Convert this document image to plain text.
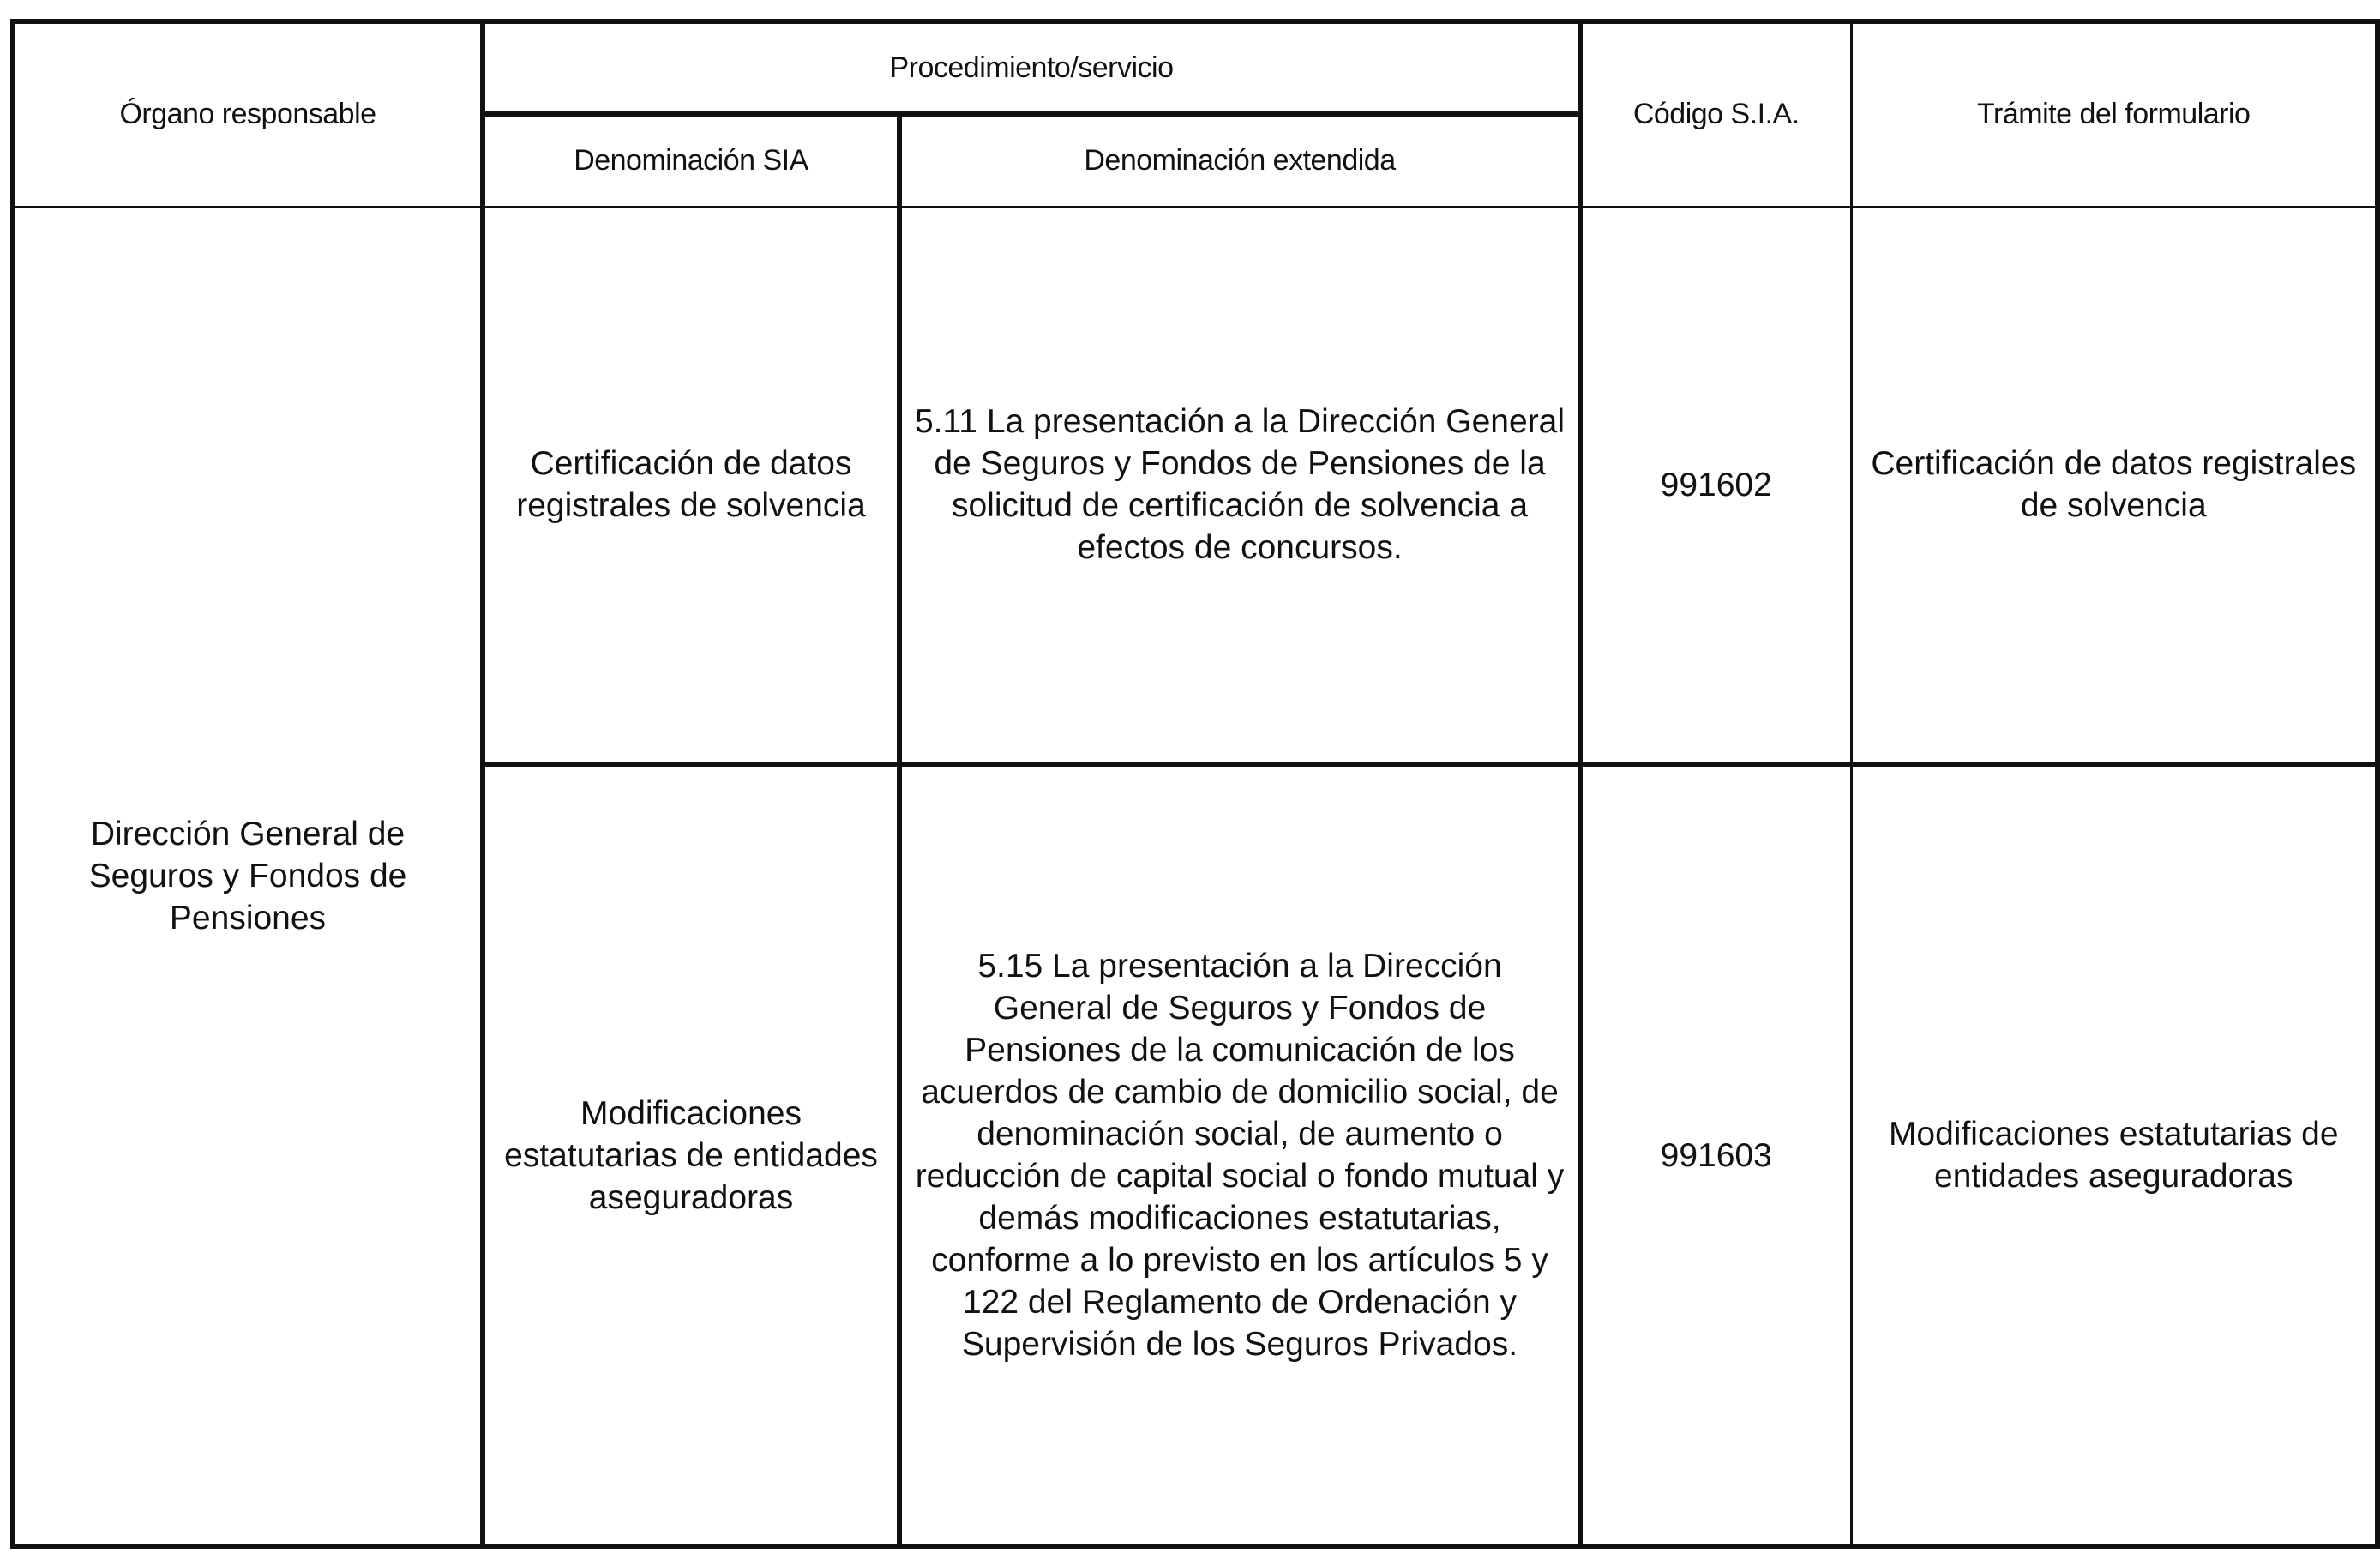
Órgano responsable	Procedimiento/servicio		Código S.I.A.	Trámite del formulario
	Denominación SIA	Denominación extendida		
Dirección General de Seguros y Fondos de Pensiones	Certificación de datos registrales de solvencia	5.11 La presentación a la Dirección General de Seguros y Fondos de Pensiones de la solicitud de certificación de solvencia a efectos de concursos.	991602	Certificación de datos registrales de solvencia
	Modificaciones estatutarias de entidades aseguradoras	5.15 La presentación a la Dirección General de Seguros y Fondos de Pensiones de la comunicación de los acuerdos de cambio de domicilio social, de denominación social, de aumento o reducción de capital social o fondo mutual y demás modificaciones estatutarias, conforme a lo previsto en los artículos 5 y 122 del Reglamento de Ordenación y Supervisión de los Seguros Privados.	991603	Modificaciones estatutarias de entidades aseguradoras
